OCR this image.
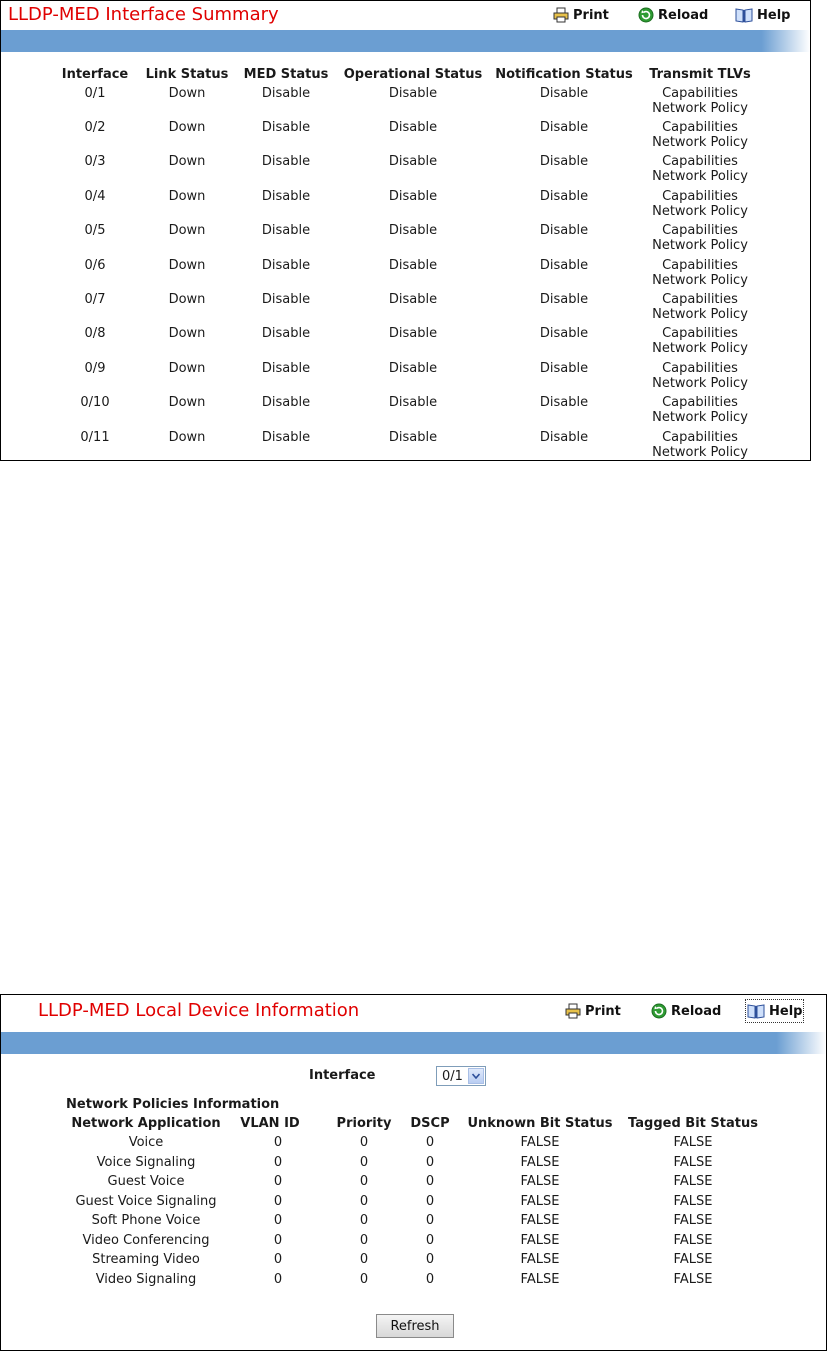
LLDP-MED Interface Summary	Print	Reload	Help
Interface Link Status MED Status Operational Status Notification Status Transmit TLVs
0/1	Down	Disable	Disable	Disable	Capabilities
Network Policy
0/2	Down	Disable	Disable	Disable	Capabilities
Network Policy
0/3	Down	Disable	Disable	Disable	Capabilities
Network Policy
0/4	Down	Disable	Disable	Disable	Capabilities
Network Policy
0/5	Down	Disable	Disable	Disable	Capabilities
Network Policy
0/6	Down	Disable	Disable	Disable	Capabilities
Network Policy
0/7	Down	Disable	Disable	Disable	Capabilities
Network Policy
0/8	Down	Disable	Disable	Disable	Capabilities
Network Policy
0/9	Down	Disable	Disable	Disable	Capabilities
Network Policy
0/10	Down	Disable	Disable	Disable	Capabilities
Network Policy
0/11	Down	Disable	Disable	Disable	Capabilities
Network Policy
LLDP-MED Local Device Information	Print	Reload	Help
Interface	0/1
Network Policies Information
Network Application VLAN ID	Priority DSCP Unknown Bit Status Tagged Bit Status
Voice	0	0	0	FALSE	FALSE
Voice Signaling	0	0	0	FALSE	FALSE
Guest Voice	0	0	0	FALSE	FALSE
Guest Voice Signaling	0	0	0	FALSE	FALSE
Soft Phone Voice	0	0	0	FALSE	FALSE
Video Conferencing	0	0	0	FALSE	FALSE
Streaming Video	0	0	0	FALSE	FALSE
Video Signaling	0	0	0	FALSE	FALSE
Refresh
